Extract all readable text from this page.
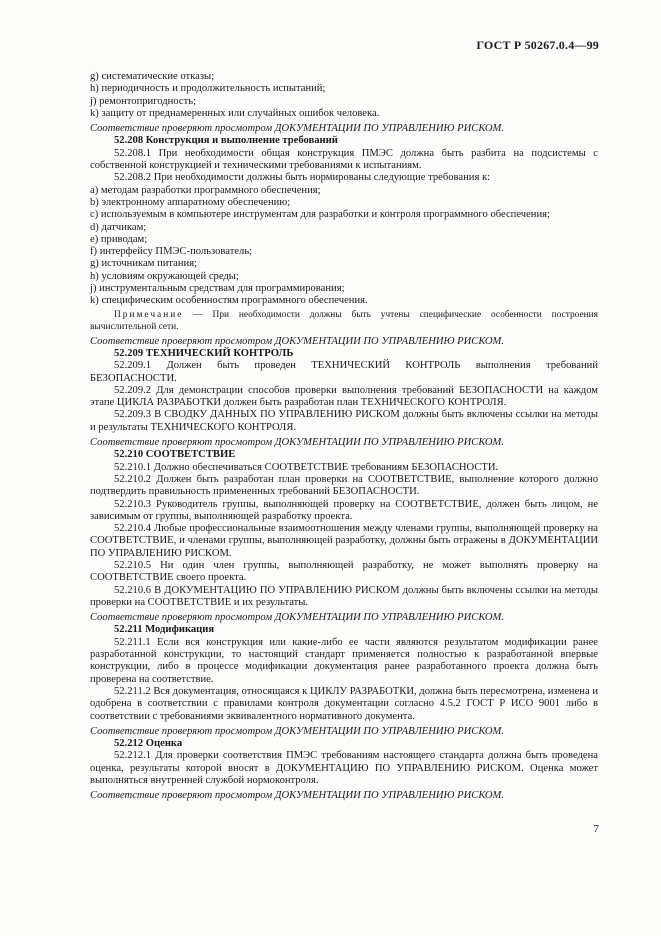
ГОСТ Р 50267.0.4—99

g) систематические отказы;

h) периодичность и продолжительность испытаний;

j) ремонтопригодность;

k) защиту от преднамеренных или случайных ошибок человека.

Соответствие проверяют просмотром ДОКУМЕНТАЦИИ ПО УПРАВЛЕНИЮ РИСКОМ.

52.208 Конструкция и выполнение требований

52.208.1 При необходимости общая конструкция ПМЭС должна быть разбита на подсистемы с собственной конструкцией и техническими требованиями к испытаниям.

52.208.2 При необходимости должны быть нормированы следующие требования к:

a) методам разработки программного обеспечения;

b) электронному аппаратному обеспечению;

c) используемым в компьютере инструментам для разработки и контроля программного обеспечения;

d) датчикам;

e) приводам;

f) интерфейсу ПМЭС-пользователь;

g) источникам питания;

h) условиям окружающей среды;

j) инструментальным средствам для программирования;

k) специфическим особенностям программного обеспечения.

Примечание — При необходимости должны быть учтены специфические особенности построения вычислительной сети.

Соответствие проверяют просмотром ДОКУМЕНТАЦИИ ПО УПРАВЛЕНИЮ РИСКОМ.

52.209 ТЕХНИЧЕСКИЙ КОНТРОЛЬ

52.209.1 Должен быть проведен ТЕХНИЧЕСКИЙ КОНТРОЛЬ выполнения требований БЕЗОПАСНОСТИ.

52.209.2 Для демонстрации способов проверки выполнения требований БЕЗОПАСНОСТИ на каждом этапе ЦИКЛА РАЗРАБОТКИ должен быть разработан план ТЕХНИЧЕСКОГО КОНТРОЛЯ.

52.209.3 В СВОДКУ ДАННЫХ ПО УПРАВЛЕНИЮ РИСКОМ должны быть включены ссылки на методы и результаты ТЕХНИЧЕСКОГО КОНТРОЛЯ.

Соответствие проверяют просмотром ДОКУМЕНТАЦИИ ПО УПРАВЛЕНИЮ РИСКОМ.

52.210 СООТВЕТСТВИЕ

52.210.1 Должно обеспечиваться СООТВЕТСТВИЕ требованиям БЕЗОПАСНОСТИ.

52.210.2 Должен быть разработан план проверки на СООТВЕТСТВИЕ, выполнение которого должно подтвердить правильность примененных требований БЕЗОПАСНОСТИ.

52.210.3 Руководитель группы, выполняющей проверку на СООТВЕТСТВИЕ, должен быть лицом, не зависимым от группы, выполняющей разработку проекта.

52.210.4 Любые профессиональные взаимоотношения между членами группы, выполняющей проверку на СООТВЕТСТВИЕ, и членами группы, выполняющей разработку, должны быть отражены в ДОКУМЕНТАЦИИ ПО УПРАВЛЕНИЮ РИСКОМ.

52.210.5 Ни один член группы, выполняющей разработку, не может выполнять проверку на СООТВЕТСТВИЕ своего проекта.

52.210.6 В ДОКУМЕНТАЦИЮ ПО УПРАВЛЕНИЮ РИСКОМ должны быть включены ссылки на методы проверки на СООТВЕТСТВИЕ и их результаты.

Соответствие проверяют просмотром ДОКУМЕНТАЦИИ ПО УПРАВЛЕНИЮ РИСКОМ.

52.211 Модификация

52.211.1 Если вся конструкция или какие-либо ее части являются результатом модификации ранее разработанной конструкции, то настоящий стандарт применяется полностью к разработанной впервые конструкции, либо в процессе модификации документация ранее разработанного проекта должна быть проверена на соответствие.

52.211.2 Вся документация, относящаяся к ЦИКЛУ РАЗРАБОТКИ, должна быть пересмотрена, изменена и одобрена в соответствии с правилами контроля документации согласно 4.5.2 ГОСТ Р ИСО 9001 либо в соответствии с требованиями эквивалентного нормативного документа.

Соответствие проверяют просмотром ДОКУМЕНТАЦИИ ПО УПРАВЛЕНИЮ РИСКОМ.

52.212 Оценка

52.212.1 Для проверки соответствия ПМЭС требованиям настоящего стандарта должна быть проведена оценка, результаты которой вносят в ДОКУМЕНТАЦИЮ ПО УПРАВЛЕНИЮ РИСКОМ. Оценка может выполняться внутренней службой нормоконтроля.

Соответствие проверяют просмотром ДОКУМЕНТАЦИИ ПО УПРАВЛЕНИЮ РИСКОМ.

7
